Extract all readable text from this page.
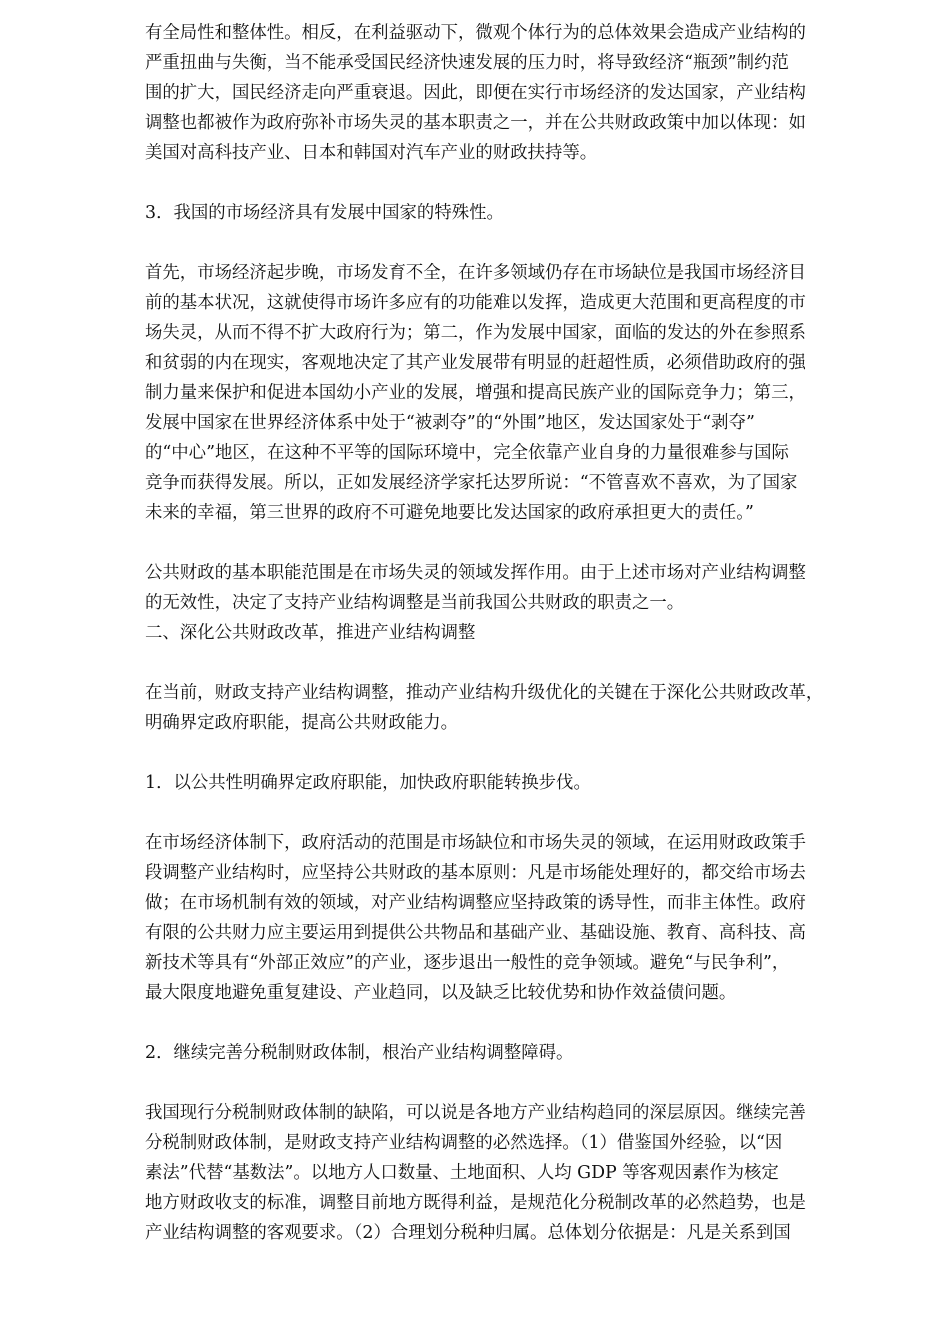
有全局性和整体性。相反，在利益驱动下，微观个体行为的总体效果会造成产业结构的
严重扭曲与失衡，当不能承受国民经济快速发展的压力时，将导致经济“瓶颈”制约范
围的扩大，国民经济走向严重衰退。因此，即便在实行市场经济的发达国家，产业结构
调整也都被作为政府弥补市场失灵的基本职责之一，并在公共财政政策中加以体现：如
美国对高科技产业、日本和韩国对汽车产业的财政扶持等。
3．我国的市场经济具有发展中国家的特殊性。
首先，市场经济起步晚，市场发育不全，在许多领域仍存在市场缺位是我国市场经济目
前的基本状况，这就使得市场许多应有的功能难以发挥，造成更大范围和更高程度的市
场失灵，从而不得不扩大政府行为；第二，作为发展中国家，面临的发达的外在参照系
和贫弱的内在现实，客观地决定了其产业发展带有明显的赶超性质，必须借助政府的强
制力量来保护和促进本国幼小产业的发展，增强和提高民族产业的国际竞争力；第三，
发展中国家在世界经济体系中处于“被剥夺”的“外围”地区，发达国家处于“剥夺”
的“中心”地区，在这种不平等的国际环境中，完全依靠产业自身的力量很难参与国际
竞争而获得发展。所以，正如发展经济学家托达罗所说：“不管喜欢不喜欢，为了国家
未来的幸福，第三世界的政府不可避免地要比发达国家的政府承担更大的责任。”
公共财政的基本职能范围是在市场失灵的领域发挥作用。由于上述市场对产业结构调整
的无效性，决定了支持产业结构调整是当前我国公共财政的职责之一。
二、深化公共财政改革，推进产业结构调整
在当前，财政支持产业结构调整，推动产业结构升级优化的关键在于深化公共财政改革，
明确界定政府职能，提高公共财政能力。
1．以公共性明确界定政府职能，加快政府职能转换步伐。
在市场经济体制下，政府活动的范围是市场缺位和市场失灵的领域，在运用财政政策手
段调整产业结构时，应坚持公共财政的基本原则：凡是市场能处理好的，都交给市场去
做；在市场机制有效的领域，对产业结构调整应坚持政策的诱导性，而非主体性。政府
有限的公共财力应主要运用到提供公共物品和基础产业、基础设施、教育、高科技、高
新技术等具有“外部正效应”的产业，逐步退出一般性的竞争领域。避免“与民争利”，
最大限度地避免重复建设、产业趋同，以及缺乏比较优势和协作效益债问题。
2．继续完善分税制财政体制，根治产业结构调整障碍。
我国现行分税制财政体制的缺陷，可以说是各地方产业结构趋同的深层原因。继续完善
分税制财政体制，是财政支持产业结构调整的必然选择。（1）借鉴国外经验，以“因
素法”代替“基数法”。以地方人口数量、土地面积、人均 GDP 等客观因素作为核定
地方财政收支的标准，调整目前地方既得利益，是规范化分税制改革的必然趋势，也是
产业结构调整的客观要求。（2）合理划分税种归属。总体划分依据是：凡是关系到国
